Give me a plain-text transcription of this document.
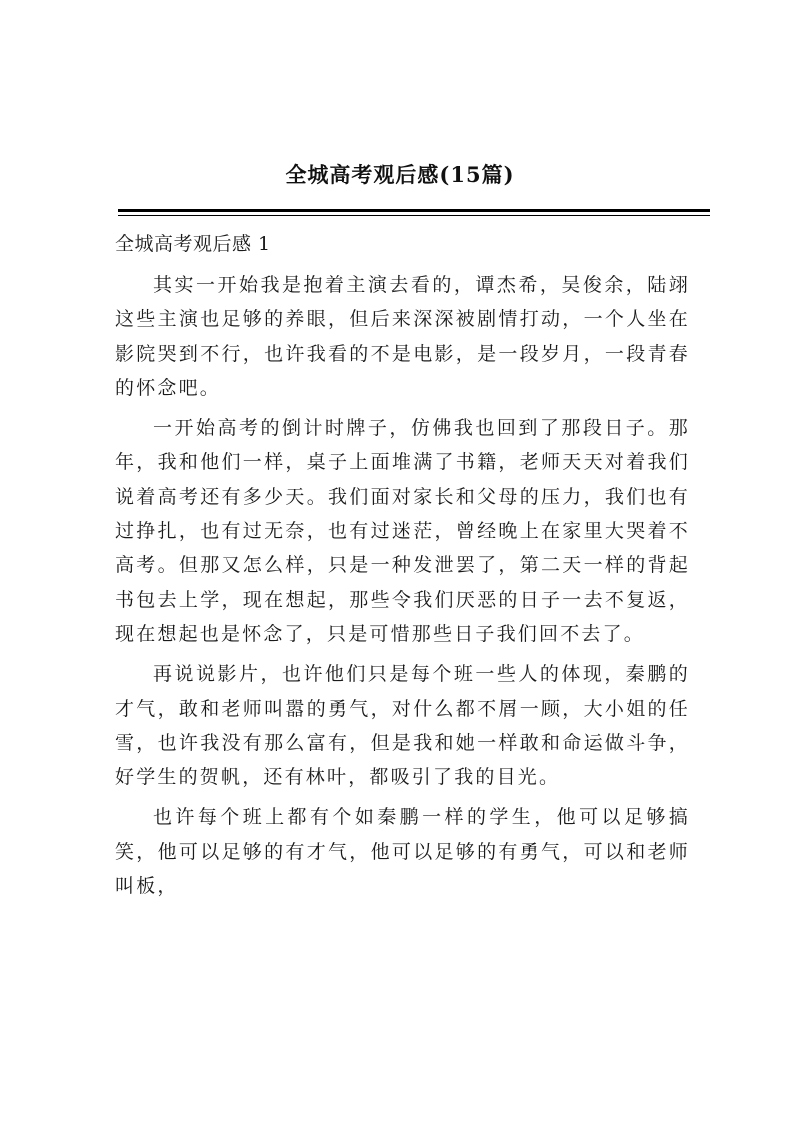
全城高考观后感(15篇)
全城高考观后感 1

其实一开始我是抱着主演去看的，谭杰希，吴俊余，陆翊这些主演也足够的养眼，但后来深深被剧情打动，一个人坐在影院哭到不行，也许我看的不是电影，是一段岁月，一段青春的怀念吧。

一开始高考的倒计时牌子，仿佛我也回到了那段日子。那年，我和他们一样，桌子上面堆满了书籍，老师天天对着我们说着高考还有多少天。我们面对家长和父母的压力，我们也有过挣扎，也有过无奈，也有过迷茫，曾经晚上在家里大哭着不高考。但那又怎么样，只是一种发泄罢了，第二天一样的背起书包去上学，现在想起，那些令我们厌恶的日子一去不复返，现在想起也是怀念了，只是可惜那些日子我们回不去了。

再说说影片，也许他们只是每个班一些人的体现，秦鹏的才气，敢和老师叫嚣的勇气，对什么都不屑一顾，大小姐的任雪，也许我没有那么富有，但是我和她一样敢和命运做斗争，好学生的贺帆，还有林叶，都吸引了我的目光。

也许每个班上都有个如秦鹏一样的学生，他可以足够搞笑，他可以足够的有才气，他可以足够的有勇气，可以和老师叫板，
